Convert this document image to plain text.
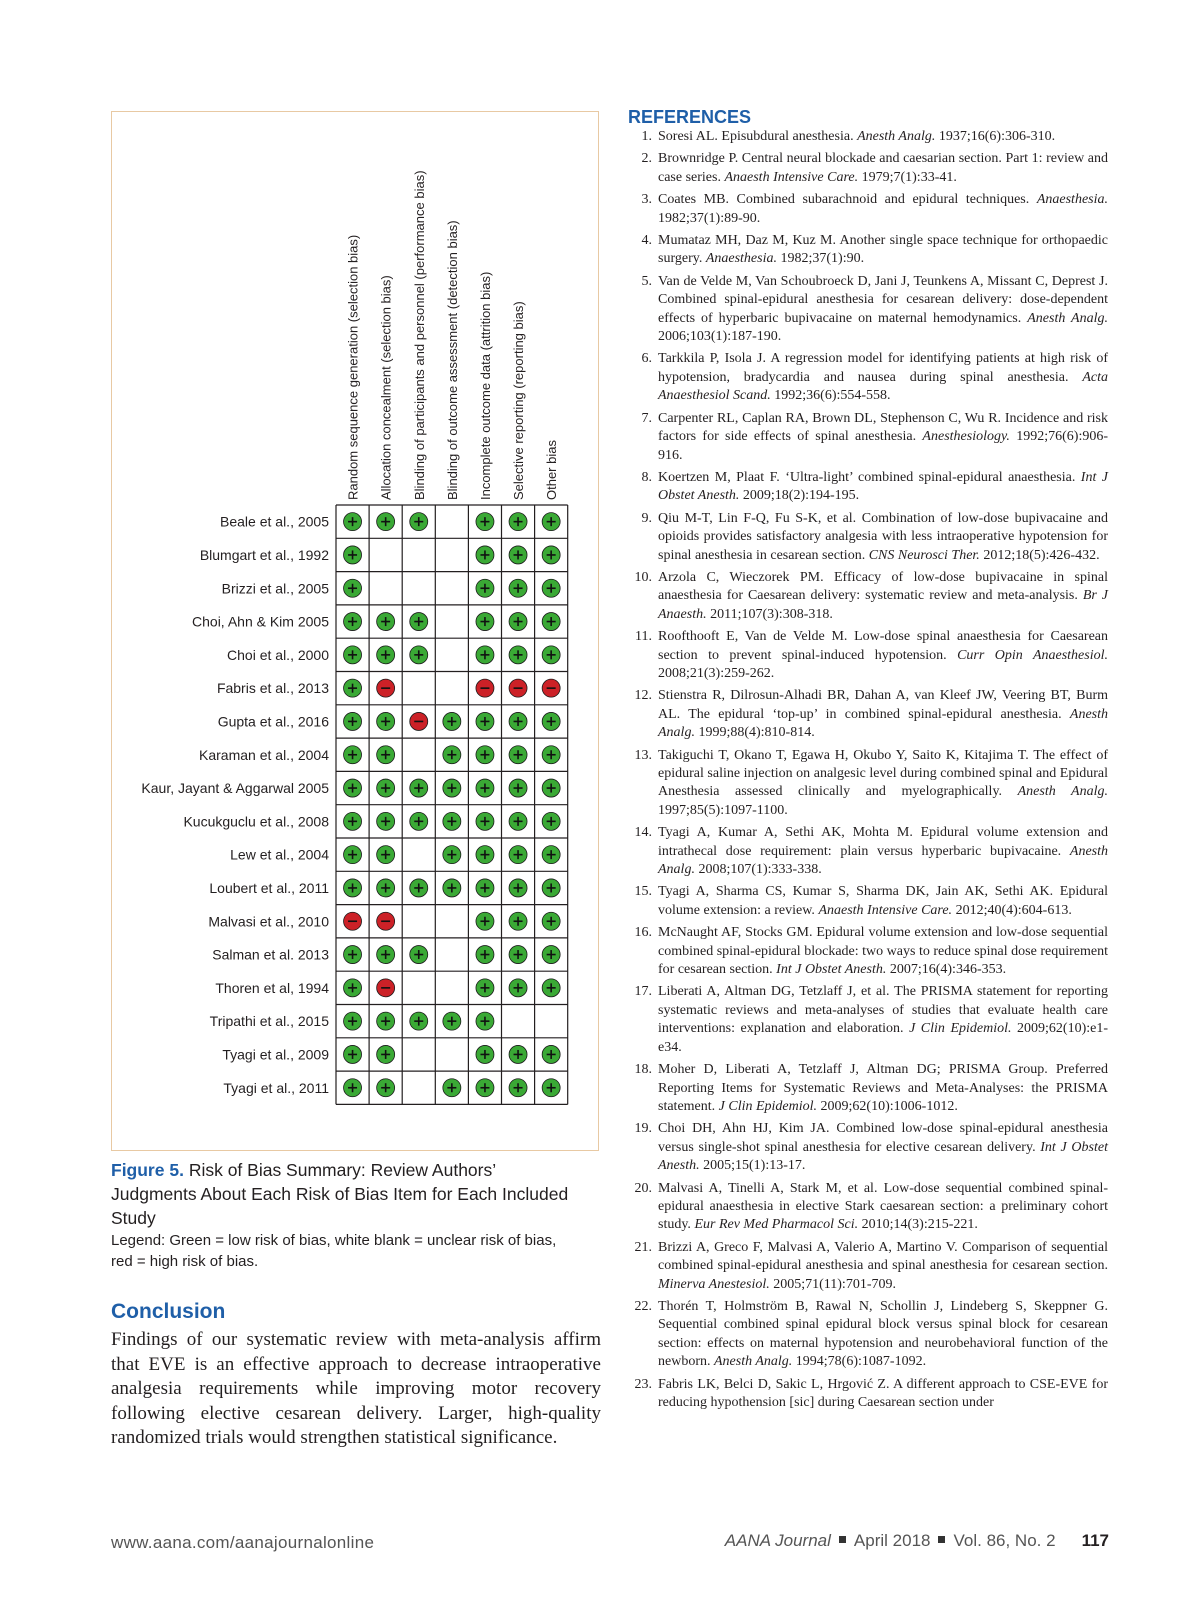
Random sequence generation (selection bias) Allocation concealment (selection bias) Blinding of participants and personnel (performance bias) Blinding of outcome assessment (detection bias) Incomplete outcome data (attrition bias) Selective reporting (reporting bias) Other bias
Beale et al., 2005
Blumgart et al., 1992
Brizzi et al., 2005
Choi, Ahn & Kim 2005
Choi et al., 2000
Fabris et al., 2013
Gupta et al., 2016
Karaman et al., 2004
Kaur, Jayant & Aggarwal 2005
Kucukguclu et al., 2008
Lew et al., 2004
Loubert et al., 2011
Malvasi et al., 2010
Salman et al. 2013
Thoren et al, 1994
Tripathi et al., 2015
Tyagi et al., 2009
Tyagi et al., 2011

Figure 5. Risk of Bias Summary: Review Authors’ Judgments About Each Risk of Bias Item for Each Included Study

Legend: Green = low risk of bias, white blank = unclear risk of bias, red = high risk of bias.

Conclusion

Findings of our systematic review with meta-analysis affirm that EVE is an effective approach to decrease intraoperative analgesia requirements while improving motor recovery following elective cesarean delivery. Larger, high-quality randomized trials would strengthen statistical significance.

REFERENCES
1. Soresi AL. Episubdural anesthesia. Anesth Analg. 1937;16(6):306-310.
2. Brownridge P. Central neural blockade and caesarian section. Part 1: review and case series. Anaesth Intensive Care. 1979;7(1):33-41.
3. Coates MB. Combined subarachnoid and epidural techniques. Anaesthesia. 1982;37(1):89-90.
4. Mumataz MH, Daz M, Kuz M. Another single space technique for orthopaedic surgery. Anaesthesia. 1982;37(1):90.
5. Van de Velde M, Van Schoubroeck D, Jani J, Teunkens A, Missant C, Deprest J. Combined spinal-epidural anesthesia for cesarean delivery: dose-dependent effects of hyperbaric bupivacaine on maternal hemodynamics. Anesth Analg. 2006;103(1):187-190.
6. Tarkkila P, Isola J. A regression model for identifying patients at high risk of hypotension, bradycardia and nausea during spinal anesthesia. Acta Anaesthesiol Scand. 1992;36(6):554-558.
7. Carpenter RL, Caplan RA, Brown DL, Stephenson C, Wu R. Incidence and risk factors for side effects of spinal anesthesia. Anesthesiology. 1992;76(6):906-916.
8. Koertzen M, Plaat F. ‘Ultra-light’ combined spinal-epidural anaesthesia. Int J Obstet Anesth. 2009;18(2):194-195.
9. Qiu M-T, Lin F-Q, Fu S-K, et al. Combination of low-dose bupivacaine and opioids provides satisfactory analgesia with less intraoperative hypotension for spinal anesthesia in cesarean section. CNS Neurosci Ther. 2012;18(5):426-432.
10. Arzola C, Wieczorek PM. Efficacy of low-dose bupivacaine in spinal anaesthesia for Caesarean delivery: systematic review and meta-analysis. Br J Anaesth. 2011;107(3):308-318.
11. Roofthooft E, Van de Velde M. Low-dose spinal anaesthesia for Caesarean section to prevent spinal-induced hypotension. Curr Opin Anaesthesiol. 2008;21(3):259-262.
12. Stienstra R, Dilrosun-Alhadi BR, Dahan A, van Kleef JW, Veering BT, Burm AL. The epidural ‘top-up’ in combined spinal-epidural anesthesia. Anesth Analg. 1999;88(4):810-814.
13. Takiguchi T, Okano T, Egawa H, Okubo Y, Saito K, Kitajima T. The effect of epidural saline injection on analgesic level during combined spinal and Epidural Anesthesia assessed clinically and myelographically. Anesth Analg. 1997;85(5):1097-1100.
14. Tyagi A, Kumar A, Sethi AK, Mohta M. Epidural volume extension and intrathecal dose requirement: plain versus hyperbaric bupivacaine. Anesth Analg. 2008;107(1):333-338.
15. Tyagi A, Sharma CS, Kumar S, Sharma DK, Jain AK, Sethi AK. Epidural volume extension: a review. Anaesth Intensive Care. 2012;40(4):604-613.
16. McNaught AF, Stocks GM. Epidural volume extension and low-dose sequential combined spinal-epidural blockade: two ways to reduce spinal dose requirement for cesarean section. Int J Obstet Anesth. 2007;16(4):346-353.
17. Liberati A, Altman DG, Tetzlaff J, et al. The PRISMA statement for reporting systematic reviews and meta-analyses of studies that evaluate health care interventions: explanation and elaboration. J Clin Epidemiol. 2009;62(10):e1-e34.
18. Moher D, Liberati A, Tetzlaff J, Altman DG; PRISMA Group. Preferred Reporting Items for Systematic Reviews and Meta-Analyses: the PRISMA statement. J Clin Epidemiol. 2009;62(10):1006-1012.
19. Choi DH, Ahn HJ, Kim JA. Combined low-dose spinal-epidural anesthesia versus single-shot spinal anesthesia for elective cesarean delivery. Int J Obstet Anesth. 2005;15(1):13-17.
20. Malvasi A, Tinelli A, Stark M, et al. Low-dose sequential combined spinal-epidural anaesthesia in elective Stark caesarean section: a preliminary cohort study. Eur Rev Med Pharmacol Sci. 2010;14(3):215-221.
21. Brizzi A, Greco F, Malvasi A, Valerio A, Martino V. Comparison of sequential combined spinal-epidural anesthesia and spinal anesthesia for cesarean section. Minerva Anestesiol. 2005;71(11):701-709.
22. Thorén T, Holmström B, Rawal N, Schollin J, Lindeberg S, Skeppner G. Sequential combined spinal epidural block versus spinal block for cesarean section: effects on maternal hypotension and neurobehavioral function of the newborn. Anesth Analg. 1994;78(6):1087-1092.
23. Fabris LK, Belci D, Sakic L, Hrgović Z. A different approach to CSE-EVE for reducing hypothension [sic] during Caesarean section under

www.aana.com/aanajournalonline	AANA Journal April 2018 Vol. 86, No. 2 117
